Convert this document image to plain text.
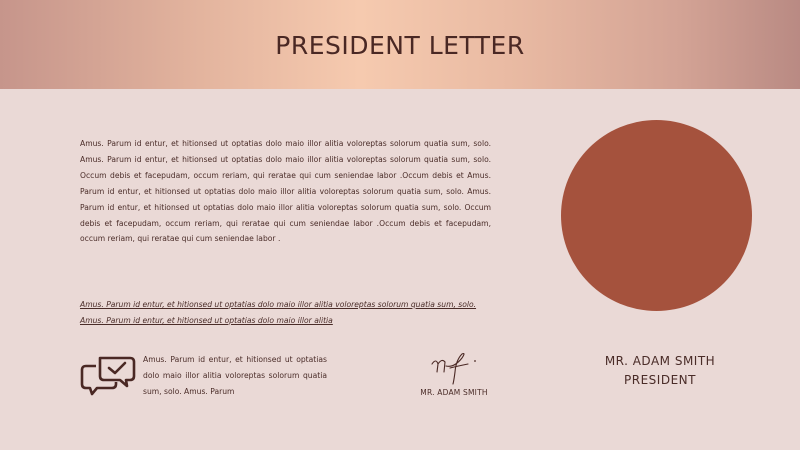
PRESIDENT LETTER

Amus. Parum id entur, et hitionsed ut optatias dolo maio illor alitia voloreptas solorum quatia sum, solo. Amus. Parum id entur, et hitionsed ut optatias dolo maio illor alitia voloreptas solorum quatia sum, solo. Occum debis et facepudam, occum reriam, qui reratae qui cum seniendae labor .Occum debis et Amus. Parum id entur, et hitionsed ut optatias dolo maio illor alitia voloreptas solorum quatia sum, solo. Amus. Parum id entur, et hitionsed ut optatias dolo maio illor alitia voloreptas solorum quatia sum, solo. Occum debis et facepudam, occum reriam, qui reratae qui cum seniendae labor .Occum debis et facepudam, occum reriam, qui reratae qui cum seniendae labor .

Amus. Parum id entur, et hitionsed ut optatias dolo maio illor alitia voloreptas solorum quatia sum, solo. Amus. Parum id entur, et hitionsed ut optatias dolo maio illor alitia

Amus. Parum id entur, et hitionsed ut optatias dolo maio illor alitia voloreptas solorum quatia sum, solo. Amus. Parum	MR. ADAM SMITH
MR. ADAM SMITH
PRESIDENT
